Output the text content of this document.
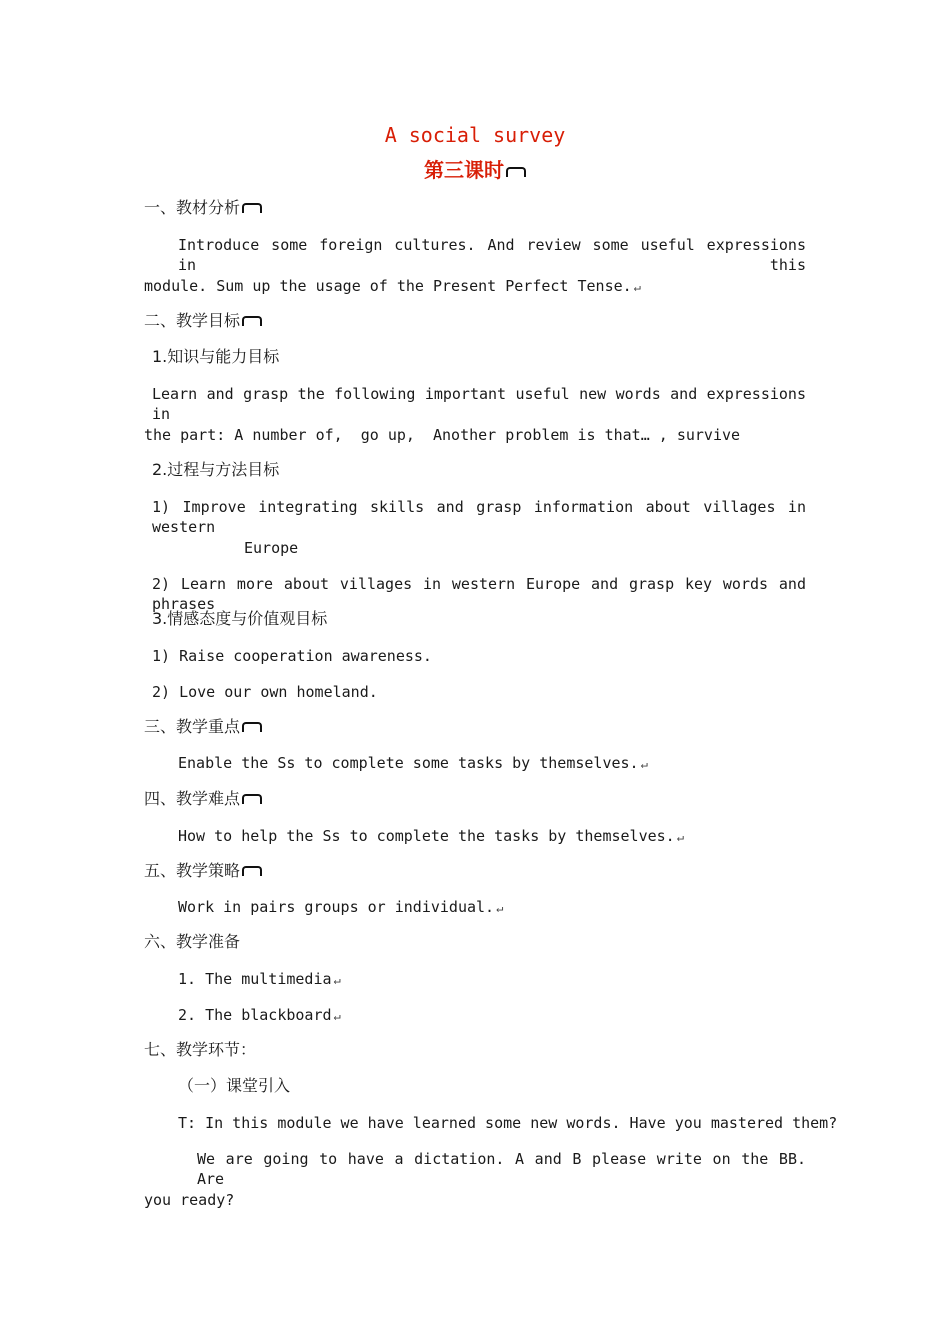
A social survey
第三课时
一、教材分析
Introduce some foreign cultures. And review some useful expressions in this
module. Sum up the usage of the Present Perfect Tense. ↵
二、教学目标
1.知识与能力目标
Learn and grasp the following important useful new words and expressions in
the part: A number of,  go up,  Another problem is that… , survive
2.过程与方法目标
1) Improve integrating skills and grasp information about villages in western
Europe
2) Learn more about villages in western Europe and grasp key words and phrases
3.情感态度与价值观目标
1) Raise cooperation awareness.
2) Love our own homeland.
三、教学重点
Enable the Ss to complete some tasks by themselves. ↵
四、教学难点
How to help the Ss to complete the tasks by themselves. ↵
五、教学策略
Work in pairs groups or individual. ↵
六、教学准备
1. The multimedia ↵
2. The blackboard ↵
七、教学环节：
（一）课堂引入
T: In this module we have learned some new words. Have you mastered them?
We are going to have a dictation. A and B please write on the BB. Are
you ready?
